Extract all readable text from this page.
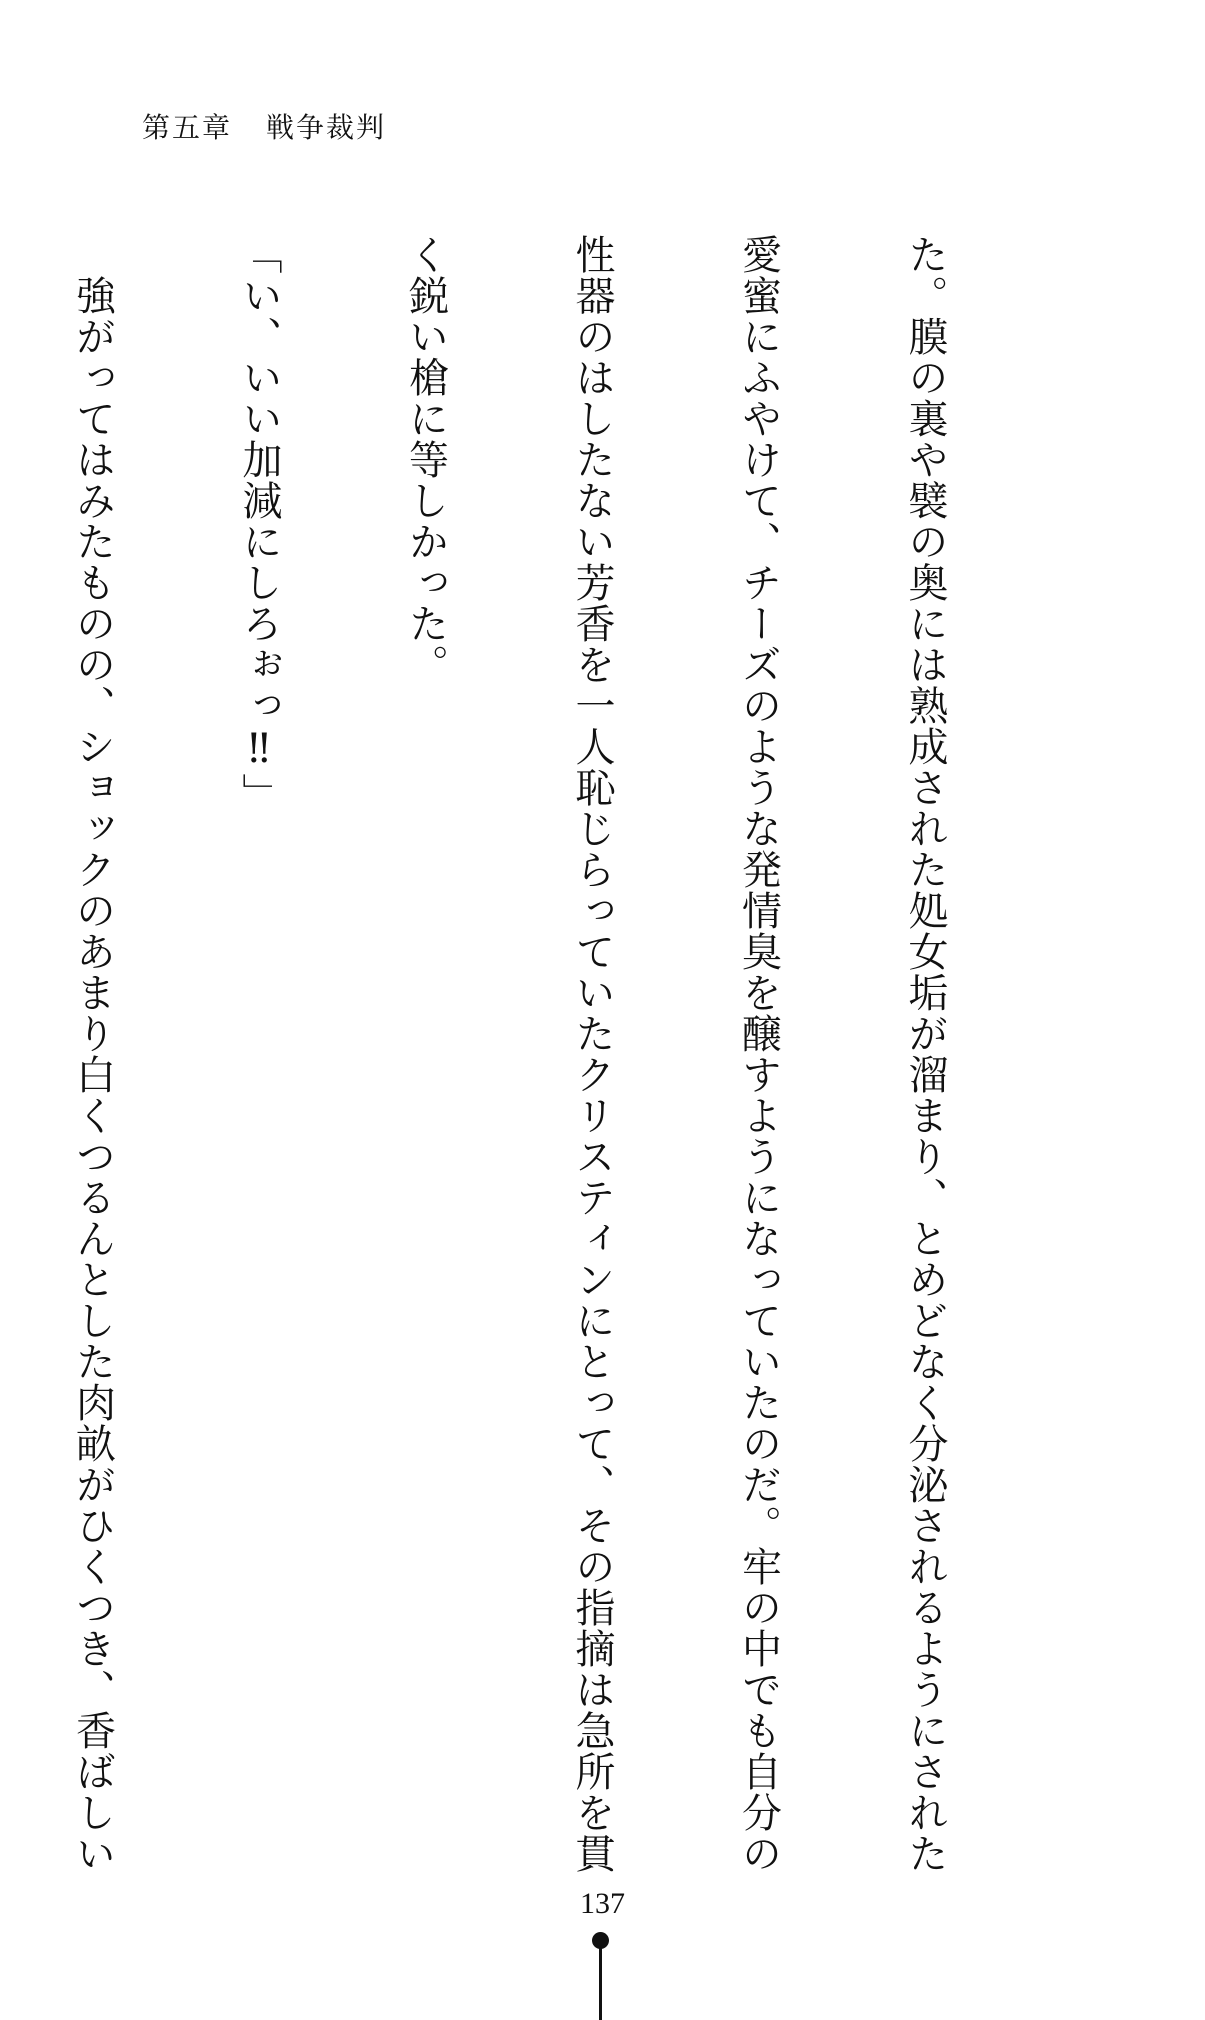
第五章 戦争裁判

た。膜の裏や襞の奥には熟成された処女垢が溜まり、とめどなく分泌されるようにされた

愛蜜にふやけて、チーズのような発情臭を醸すようになっていたのだ。牢の中でも自分の

性器のはしたない芳香を一人恥じらっていたクリスティンにとって、その指摘は急所を貫

く鋭い槍に等しかった。

「い、いい加減にしろぉっ‼」

　強がってはみたものの、ショックのあまり白くつるんとした肉畝がひくつき、香ばしい

137
